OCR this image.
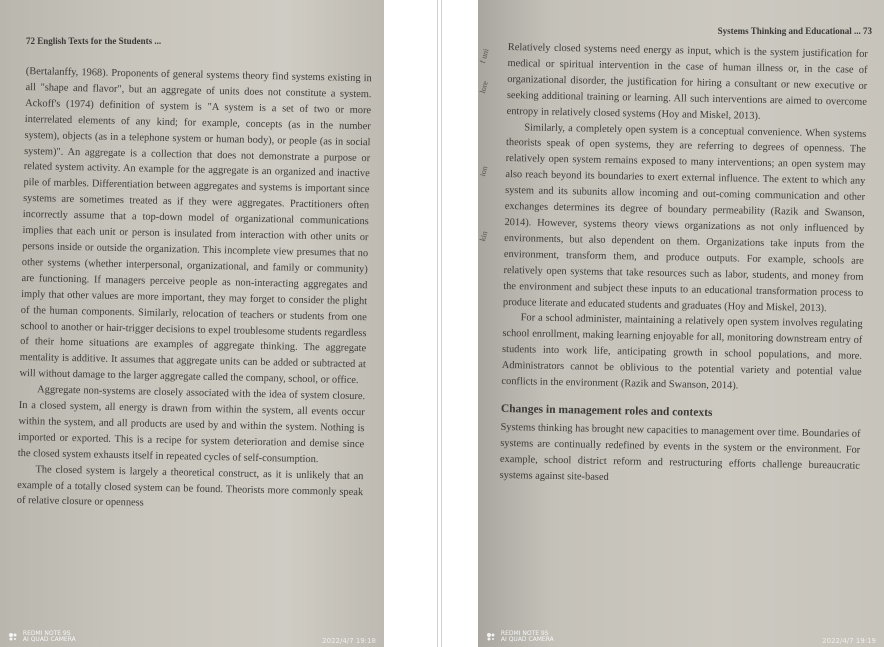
72 English Texts for the Students ...

(Bertalanffy, 1968). Proponents of general systems theory find systems existing in all "shape and flavor", but an aggregate of units does not constitute a system. Ackoff's (1974) definition of system is "A system is a set of two or more interrelated elements of any kind; for example, concepts (as in the number system), objects (as in a telephone system or human body), or people (as in social system)". An aggregate is a collection that does not demonstrate a purpose or related system activity. An example for the aggregate is an organized and inactive pile of marbles. Differentiation between aggregates and systems is important since systems are sometimes treated as if they were aggregates. Practitioners often incorrectly assume that a top-down model of organizational communications implies that each unit or person is insulated from interaction with other units or persons inside or outside the organization. This incomplete view presumes that no other systems (whether interpersonal, organizational, and family or community) are functioning. If managers perceive people as non-interacting aggregates and imply that other values are more important, they may forget to consider the plight of the human components. Similarly, relocation of teachers or students from one school to another or hair-trigger decisions to expel troublesome students regardless of their home situations are examples of aggregate thinking. The aggregate mentality is additive. It assumes that aggregate units can be added or subtracted at will without damage to the larger aggregate called the company, school, or office.

Aggregate non-systems are closely associated with the idea of system closure. In a closed system, all energy is drawn from within the system, all events occur within the system, and all products are used by and within the system. Nothing is imported or exported. This is a recipe for system deterioration and demise since the closed system exhausts itself in repeated cycles of self-consumption.

The closed system is largely a theoretical construct, as it is unlikely that an example of a totally closed system can be found. Theorists more commonly speak of relative closure or openness

REDMI NOTE 9S
AI QUAD CAMERA	2022/4/7 19:18
f uni
lore
ion
kin
Systems Thinking and Educational ... 73

Relatively closed systems need energy as input, which is the system justification for medical or spiritual intervention in the case of human illness or, in the case of organizational disorder, the justification for hiring a consultant or new executive or seeking additional training or learning. All such interventions are aimed to overcome entropy in relatively closed systems (Hoy and Miskel, 2013).

Similarly, a completely open system is a conceptual convenience. When systems theorists speak of open systems, they are referring to degrees of openness. The relatively open system remains exposed to many interventions; an open system may also reach beyond its boundaries to exert external influence. The extent to which any system and its subunits allow incoming and out-coming communication and other exchanges determines its degree of boundary permeability (Razik and Swanson, 2014). However, systems theory views organizations as not only influenced by environments, but also dependent on them. Organizations take inputs from the environment, transform them, and produce outputs. For example, schools are relatively open systems that take resources such as labor, students, and money from the environment and subject these inputs to an educational transformation process to produce literate and educated students and graduates (Hoy and Miskel, 2013).

For a school administer, maintaining a relatively open system involves regulating school enrollment, making learning enjoyable for all, monitoring downstream entry of students into work life, anticipating growth in school populations, and more. Administrators cannot be oblivious to the potential variety and potential value conflicts in the environment (Razik and Swanson, 2014).

Changes in management roles and contexts

Systems thinking has brought new capacities to management over time. Boundaries of systems are continually redefined by events in the system or the environment. For example, school district reform and restructuring efforts challenge bureaucratic systems against site-based

REDMI NOTE 9S
AI QUAD CAMERA	2022/4/7 19:19
